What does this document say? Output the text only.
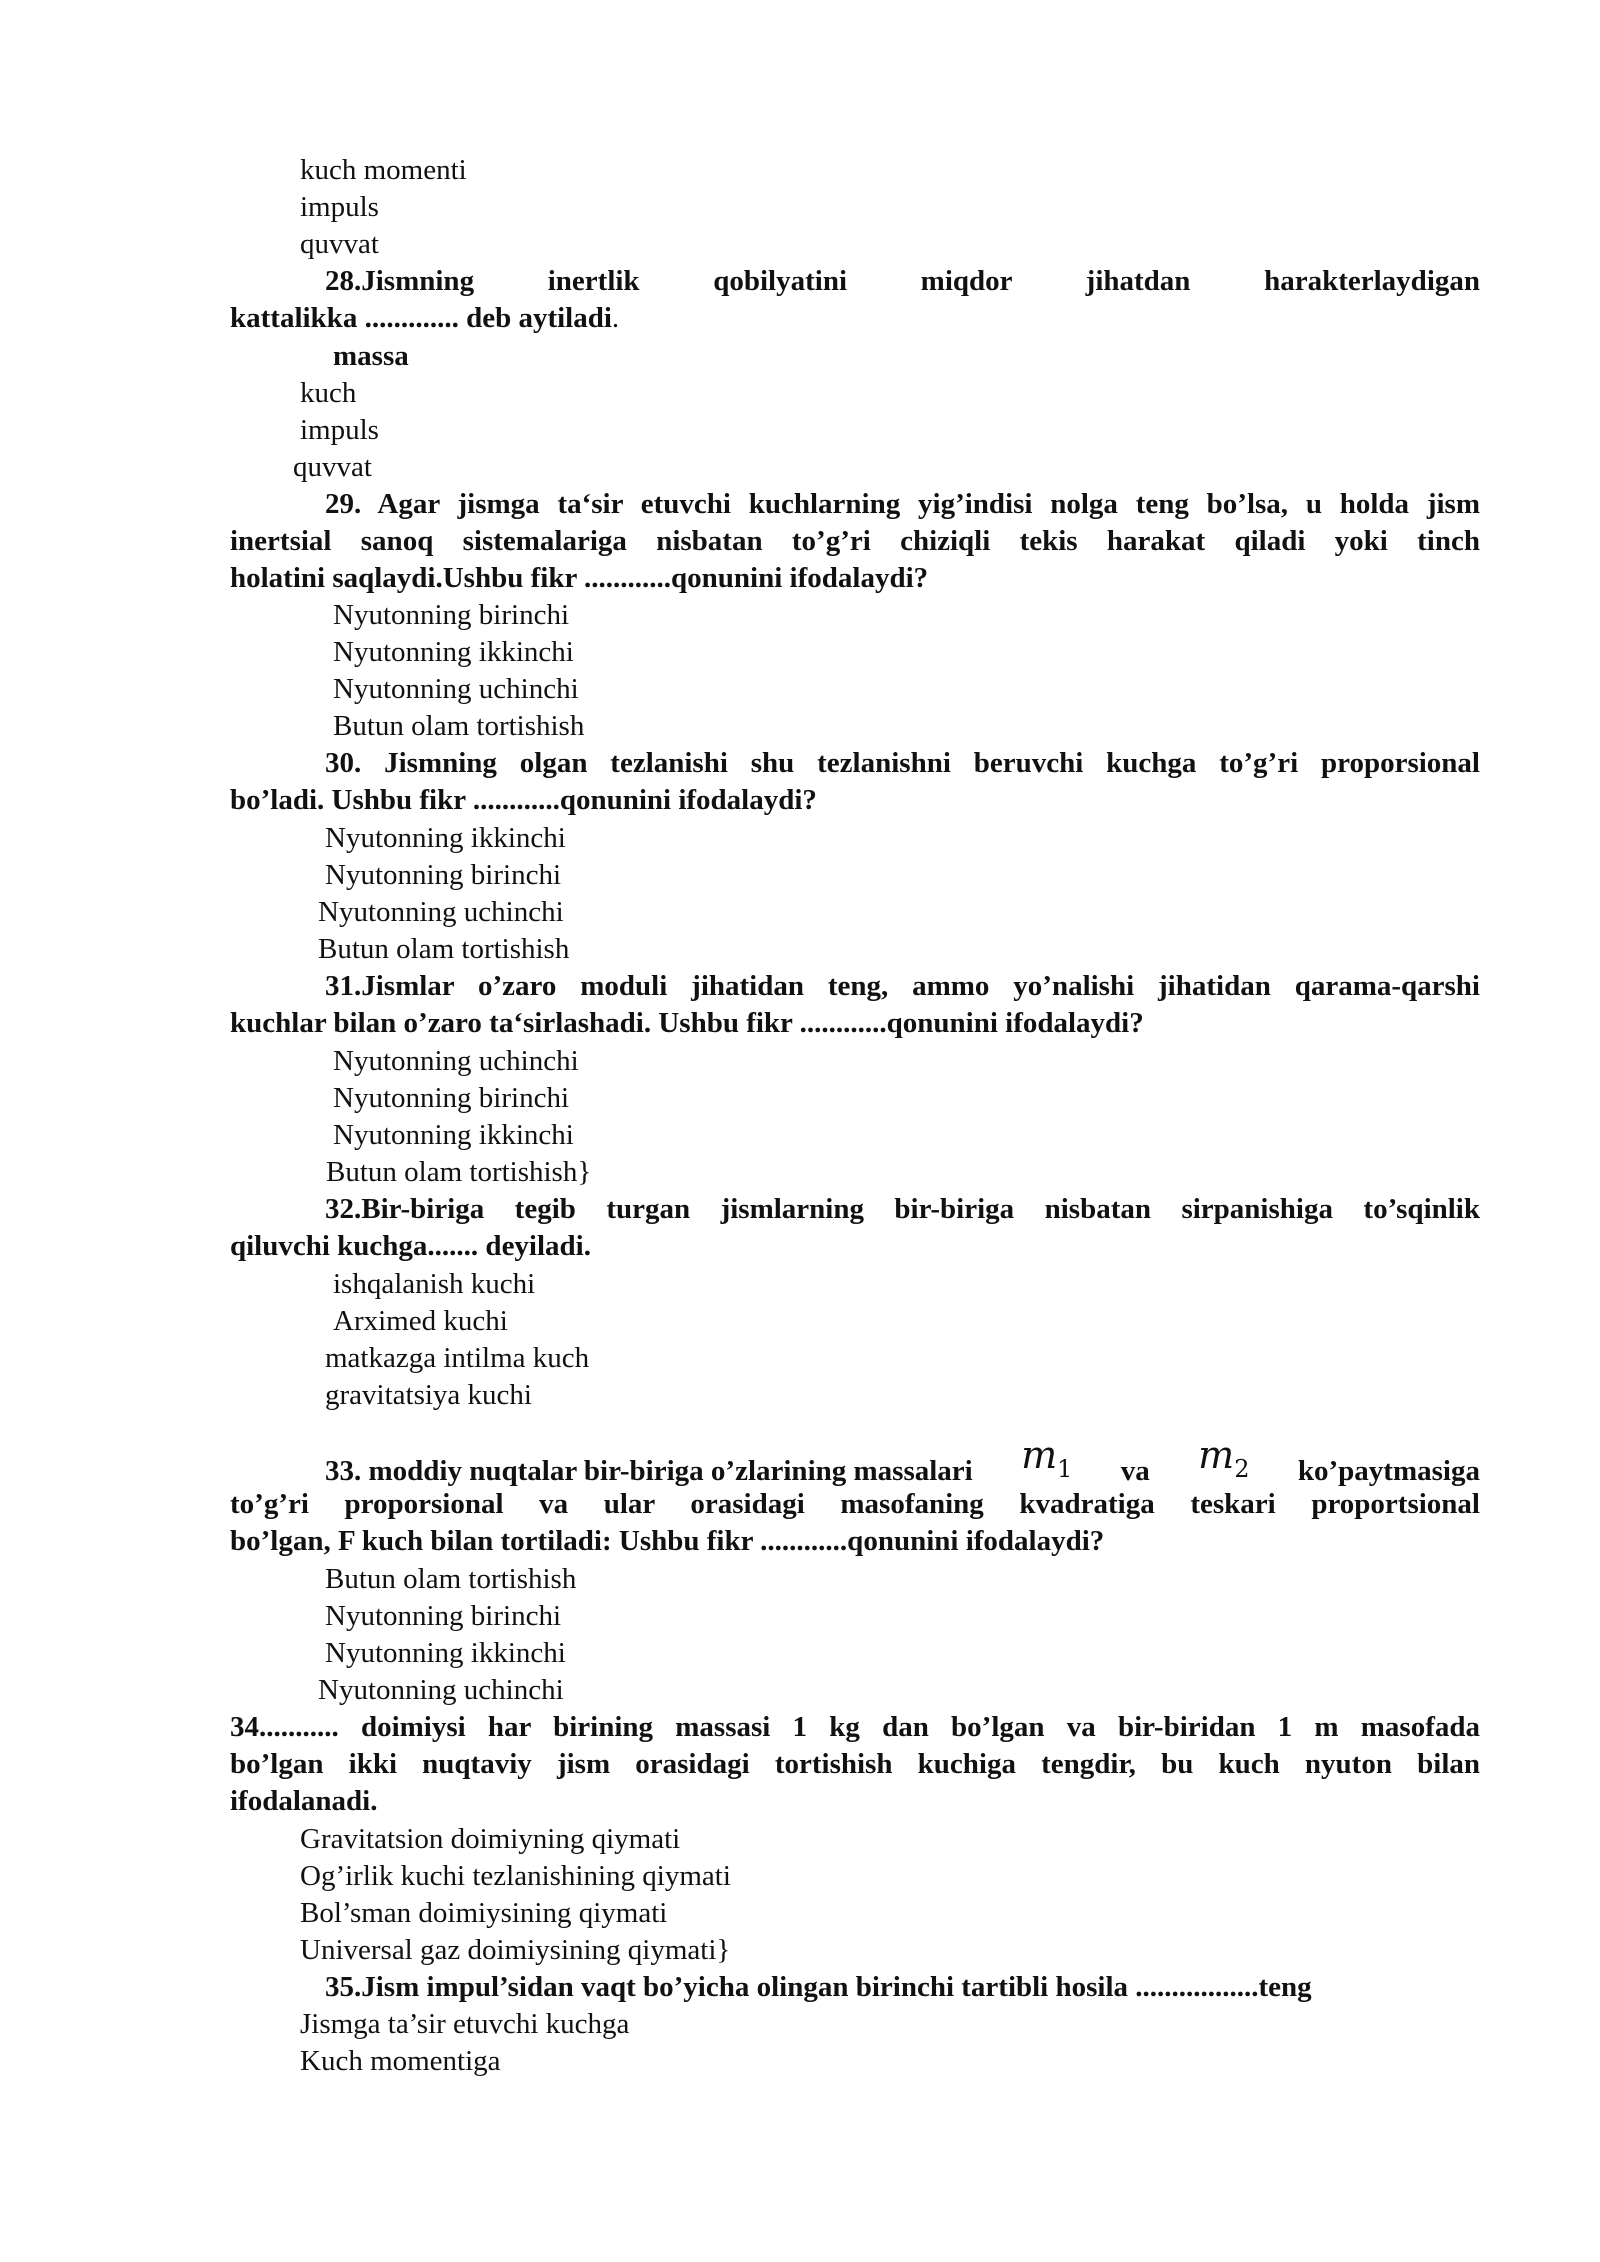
kuch momenti

impuls

quvvat

28.Jismning inertlik qobilyatini miqdor jihatdan harakterlaydigan

kattalikka ............. deb aytiladi.

massa

kuch

impuls

quvvat

29. Agar jismga ta‘sir etuvchi kuchlarning yig’indisi nolga teng bo’lsa, u holda jism

inertsial sanoq sistemalariga nisbatan to’g’ri chiziqli tekis harakat qiladi yoki tinch

holatini saqlaydi.Ushbu fikr ............qonunini ifodalaydi?

Nyutonning birinchi

Nyutonning ikkinchi

Nyutonning uchinchi

Butun olam tortishish

30. Jismning olgan tezlanishi shu tezlanishni beruvchi kuchga to’g’ri proporsional

bo’ladi. Ushbu fikr ............qonunini ifodalaydi?

Nyutonning ikkinchi

Nyutonning birinchi

Nyutonning uchinchi

Butun olam tortishish

31.Jismlar o’zaro moduli jihatidan teng, ammo yo’nalishi jihatidan qarama-qarshi

kuchlar bilan o’zaro ta‘sirlashadi. Ushbu fikr ............qonunini ifodalaydi?

Nyutonning uchinchi

Nyutonning birinchi

Nyutonning ikkinchi

Butun olam tortishish}

32.Bir-biriga tegib turgan jismlarning bir-biriga nisbatan sirpanishiga to’sqinlik

qiluvchi kuchga....... deyiladi.

ishqalanish kuchi

Arximed kuchi

matkazga intilma kuch

gravitatsiya kuchi

33. moddiy nuqtalar bir-biriga o’zlarining massalari $m_1$ va $m_2$ ko’paytmasiga

to’g’ri proporsional va ular orasidagi masofaning kvadratiga teskari proportsional

bo’lgan, F kuch bilan tortiladi: Ushbu fikr ............qonunini ifodalaydi?

Butun olam tortishish

Nyutonning birinchi

Nyutonning ikkinchi

Nyutonning uchinchi

34........... doimiysi har birining massasi 1 kg dan bo’lgan va bir-biridan 1 m masofada

bo’lgan ikki nuqtaviy jism orasidagi tortishish kuchiga tengdir, bu kuch nyuton bilan

ifodalanadi.

Gravitatsion doimiyning qiymati

Og’irlik kuchi tezlanishining qiymati

Bol’sman doimiysining qiymati

Universal gaz doimiysining qiymati}

35.Jism impul’sidan vaqt bo’yicha olingan birinchi tartibli hosila .................teng

Jismga ta’sir etuvchi kuchga

Kuch momentiga
